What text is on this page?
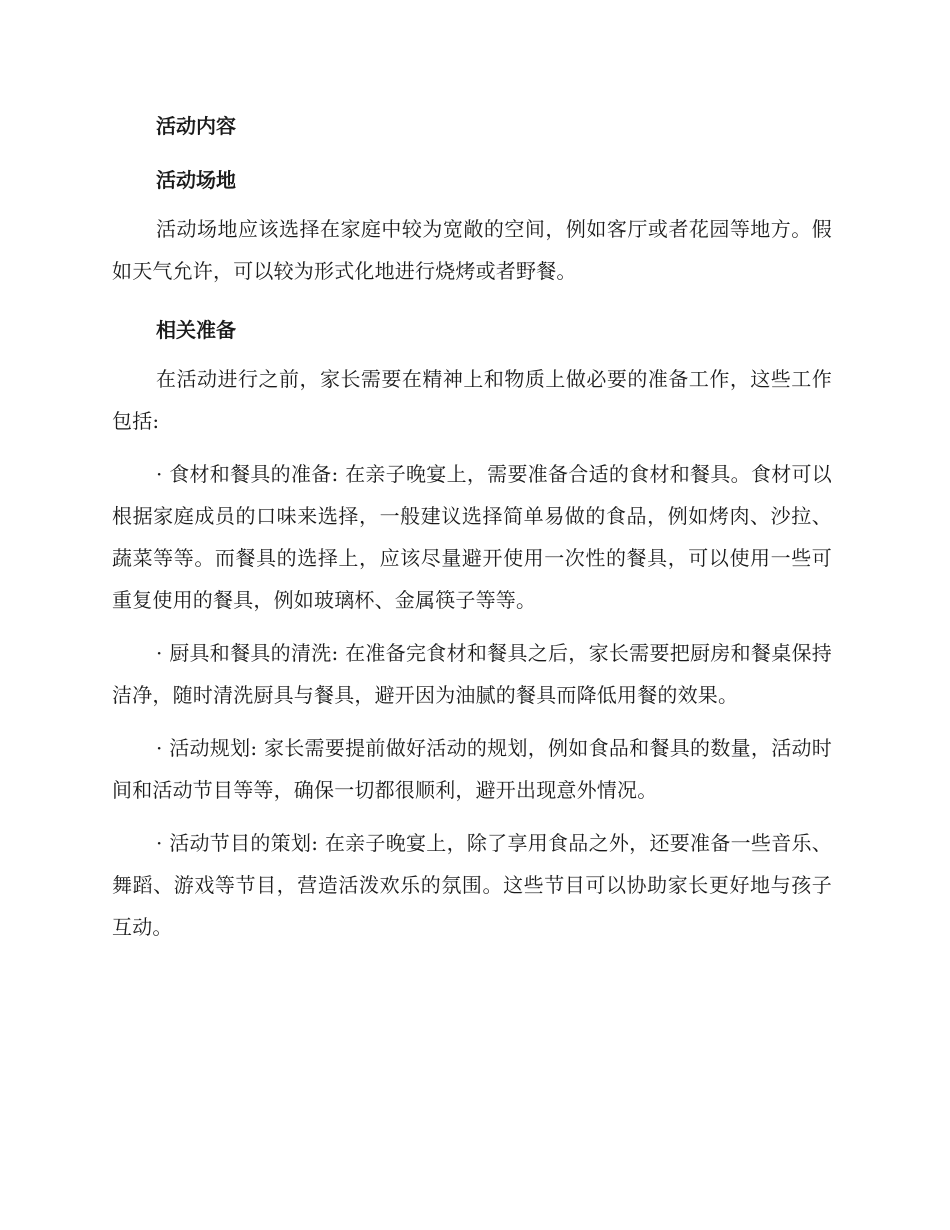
活动内容
活动场地

活动场地应该选择在家庭中较为宽敞的空间，例如客厅或者花园等地方。假如天气允许，可以较为形式化地进行烧烤或者野餐。

相关准备

在活动进行之前，家长需要在精神上和物质上做必要的准备工作，这些工作包括:

· 食材和餐具的准备: 在亲子晚宴上，需要准备合适的食材和餐具。食材可以根据家庭成员的口味来选择，一般建议选择简单易做的食品，例如烤肉、沙拉、蔬菜等等。而餐具的选择上，应该尽量避开使用一次性的餐具，可以使用一些可重复使用的餐具，例如玻璃杯、金属筷子等等。

· 厨具和餐具的清洗: 在准备完食材和餐具之后，家长需要把厨房和餐桌保持洁净，随时清洗厨具与餐具，避开因为油腻的餐具而降低用餐的效果。

· 活动规划: 家长需要提前做好活动的规划，例如食品和餐具的数量，活动时间和活动节目等等，确保一切都很顺利，避开出现意外情况。

· 活动节目的策划: 在亲子晚宴上，除了享用食品之外，还要准备一些音乐、舞蹈、游戏等节目，营造活泼欢乐的氛围。这些节目可以协助家长更好地与孩子互动。
